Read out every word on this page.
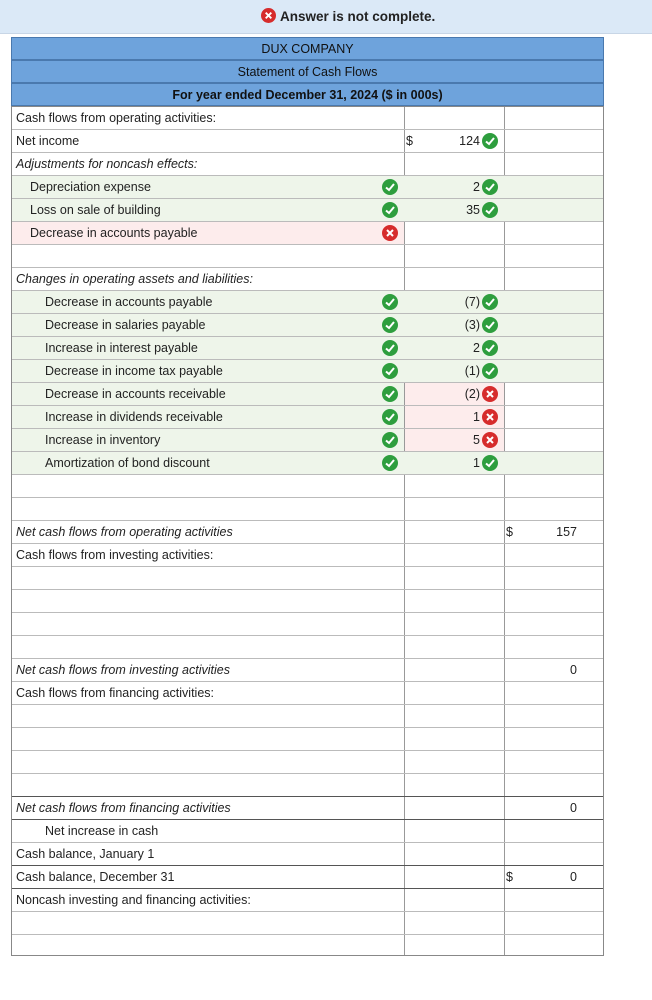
Answer is not complete.
DUX COMPANY
Statement of Cash Flows
For year ended December 31, 2024 ($ in 000s)
Cash flows from operating activities:
Net income	$	124
Adjustments for noncash effects:
Depreciation expense	2
Loss on sale of building	35
Decrease in accounts payable
Changes in operating assets and liabilities:
Decrease in accounts payable	(7)
Decrease in salaries payable	(3)
Increase in interest payable	2
Decrease in income tax payable	(1)
Decrease in accounts receivable	(2)
Increase in dividends receivable	1
Increase in inventory	5
Amortization of bond discount	1
Net cash flows from operating activities	$	157
Cash flows from investing activities:
Net cash flows from investing activities	0
Cash flows from financing activities:
Net cash flows from financing activities	0
Net increase in cash
Cash balance, January 1
Cash balance, December 31	$	0
Noncash investing and financing activities:
